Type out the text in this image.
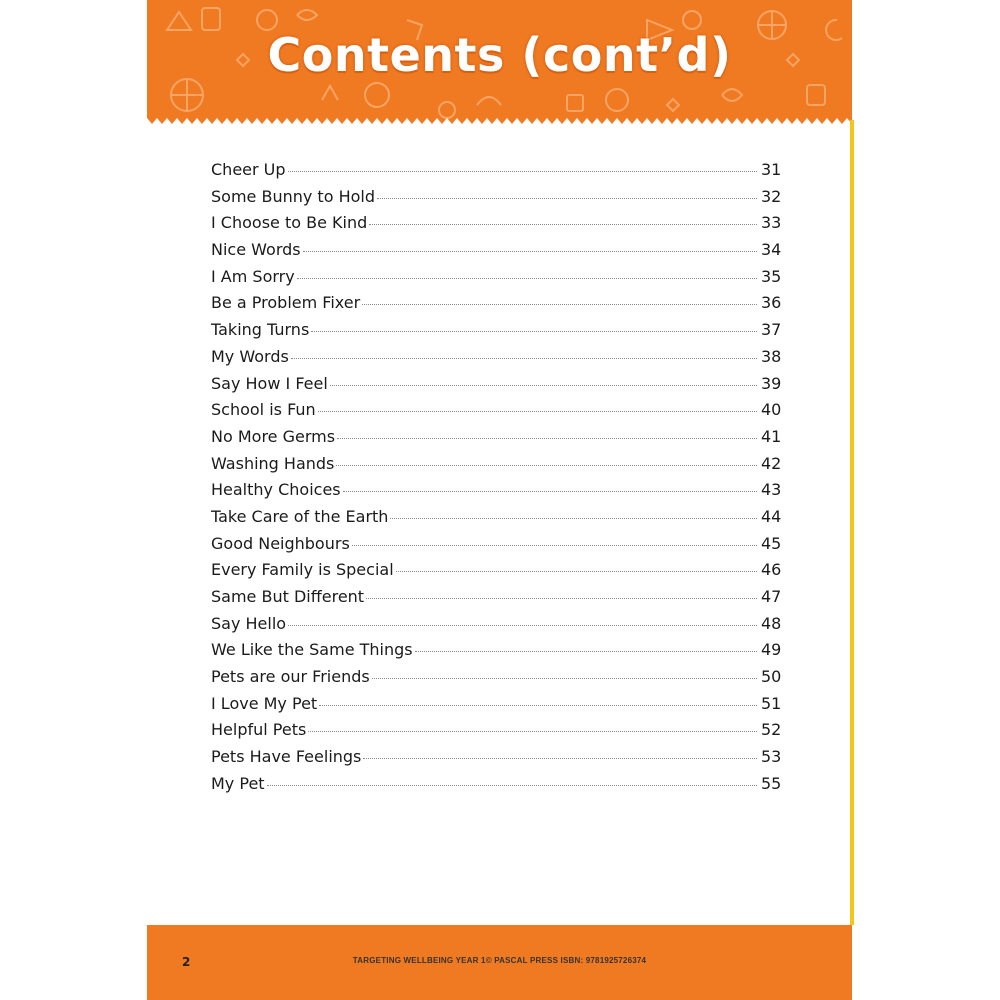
Contents (cont’d)
Cheer Up	31
Some Bunny to Hold	32
I Choose to Be Kind	33
Nice Words	34
I Am Sorry	35
Be a Problem Fixer	36
Taking Turns	37
My Words	38
Say How I Feel	39
School is Fun	40
No More Germs	41
Washing Hands	42
Healthy Choices	43
Take Care of the Earth	44
Good Neighbours	45
Every Family is Special	46
Same But Different	47
Say Hello	48
We Like the Same Things	49
Pets are our Friends	50
I Love My Pet	51
Helpful Pets	52
Pets Have Feelings	53
My Pet	55
2	TARGETING WELLBEING YEAR 1© PASCAL PRESS ISBN: 9781925726374
